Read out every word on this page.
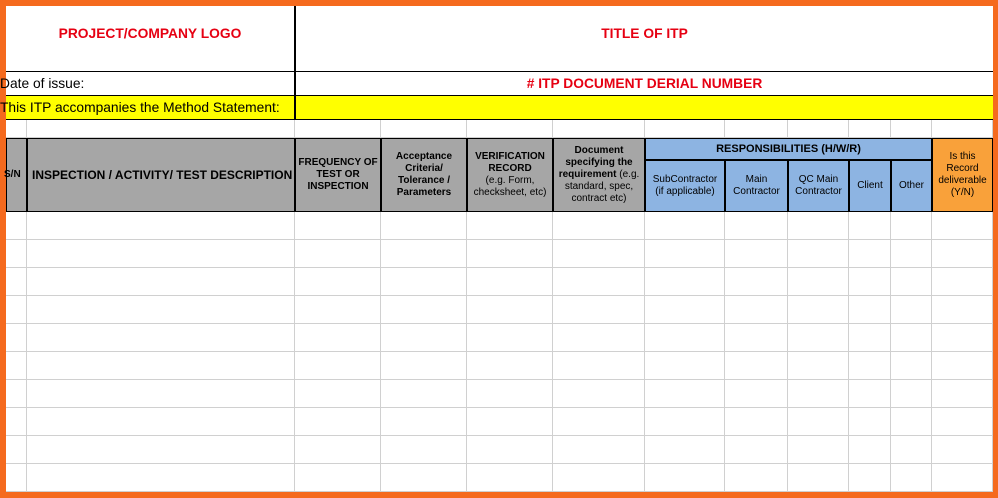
PROJECT/COMPANY LOGO	TITLE OF ITP
Date of issue:	# ITP DOCUMENT DERIAL NUMBER
This ITP accompanies the Method Statement:
S/N INSPECTION / ACTIVITY/ TEST DESCRIPTION
FREQUENCY OF
TEST OR
INSPECTION
Acceptance
Criteria/
Tolerance /
Parameters
VERIFICATION
RECORD
(e.g. Form,
checksheet, etc)
Document
specifying the
requirement (e.g.
standard, spec,
contract etc)
RESPONSIBILITIES (H/W/R)
SubContractor
(if applicable)
Main
Contractor
QC Main
Contractor
Client Other
Is this
Record
deliverable
(Y/N)
